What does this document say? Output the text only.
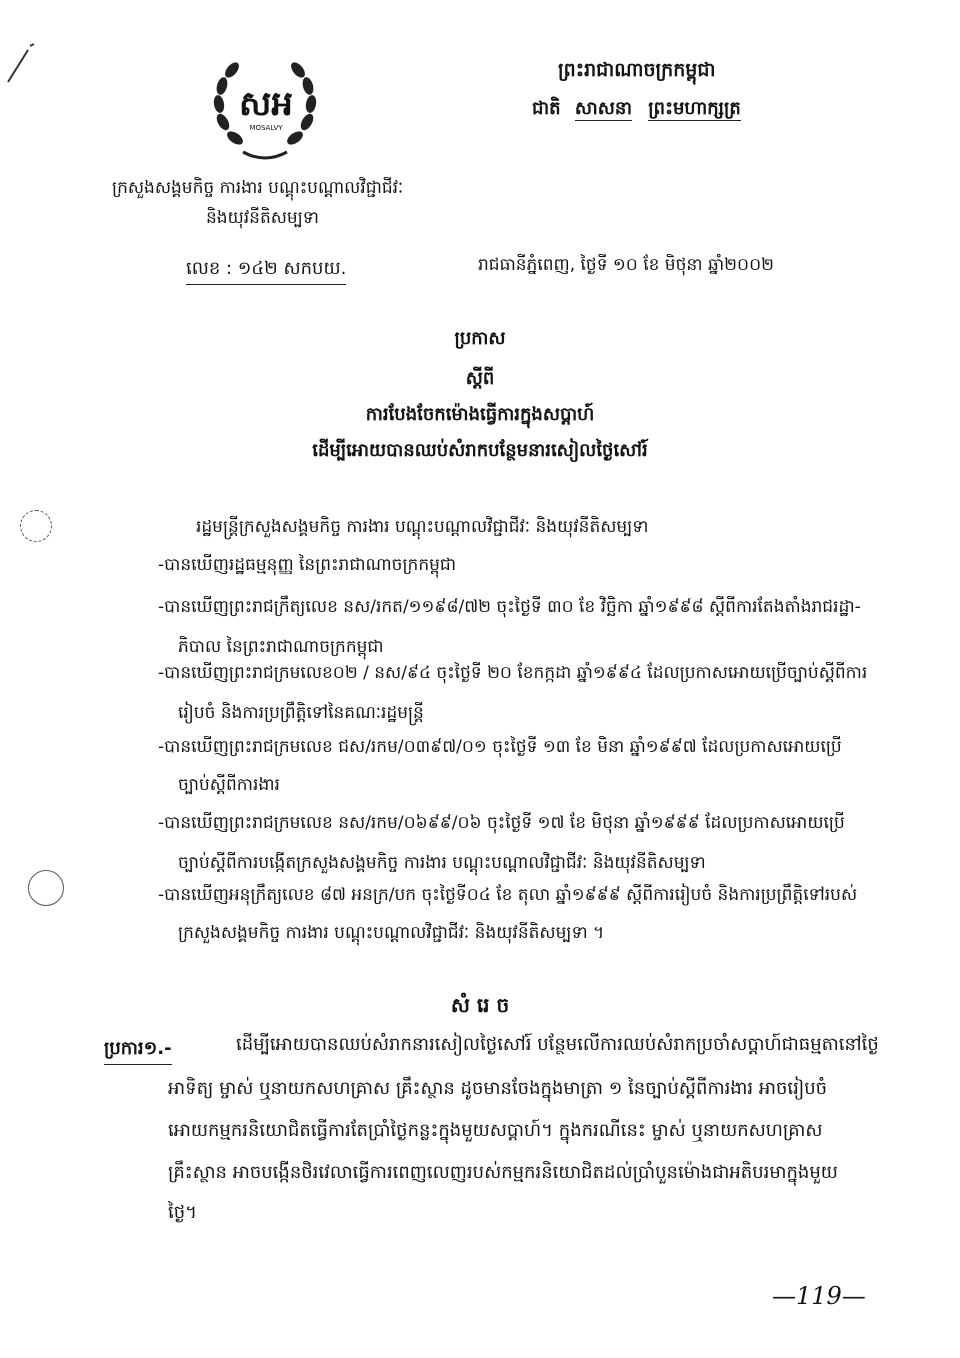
សអ
MOSALVY
ព្រះរាជាណាចក្រកម្ពុជា
ជាតិ សាសនា ព្រះមហាក្សត្រ
ក្រសួងសង្គមកិច្ច ការងារ បណ្តុះបណ្តាលវិជ្ជាជីវៈ
និងយុវនីតិសម្បទា
លេខ : ១៤២ សកបយ.	រាជធានីភ្នំពេញ, ថ្ងៃទី ១០ ខែ មិថុនា ឆ្នាំ២០០២
ប្រកាស
ស្តីពី
ការបែងចែកម៉ោងធ្វើការក្នុងសប្តាហ៍
ដើម្បីអោយបានឈប់សំរាកបន្ថែមនារសៀលថ្ងៃសៅរ៍
រដ្ឋមន្ត្រីក្រសួងសង្គមកិច្ច ការងារ បណ្តុះបណ្តាលវិជ្ជាជីវៈ និងយុវនីតិសម្បទា
-បានឃើញរដ្ឋធម្មនុញ្ញ នៃព្រះរាជាណាចក្រកម្ពុជា
-បានឃើញព្រះរាជក្រឹត្យលេខ នស/រកត/១១៩៨/៧២ ចុះថ្ងៃទី ៣០ ខែ វិច្ឆិកា ឆ្នាំ១៩៩៨ ស្តីពីការតែងតាំងរាជរដ្ឋា-
ភិបាល នៃព្រះរាជាណាចក្រកម្ពុជា
-បានឃើញព្រះរាជក្រមលេខ០២ / នស/៩៤ ចុះថ្ងៃទី ២០ ខែកក្កដា ឆ្នាំ១៩៩៤ ដែលប្រកាសអោយប្រើច្បាប់ស្តីពីការ
រៀបចំ និងការប្រព្រឹត្តិទៅនៃគណៈរដ្ឋមន្ត្រី
-បានឃើញព្រះរាជក្រមលេខ ជស/រកម/០៣៩៧/០១ ចុះថ្ងៃទី ១៣ ខែ មិនា ឆ្នាំ១៩៩៧ ដែលប្រកាសអោយប្រើ
ច្បាប់ស្តីពីការងារ
-បានឃើញព្រះរាជក្រមលេខ នស/រកម/០៦៩៩/០៦ ចុះថ្ងៃទី ១៧ ខែ មិថុនា ឆ្នាំ១៩៩៩ ដែលប្រកាសអោយប្រើ
ច្បាប់ស្តីពីការបង្កើតក្រសួងសង្គមកិច្ច ការងារ បណ្តុះបណ្តាលវិជ្ជាជីវៈ និងយុវនីតិសម្បទា
-បានឃើញអនុក្រឹត្យលេខ ៨៧ អនក្រ/បក ចុះថ្ងៃទី០៤ ខែ តុលា ឆ្នាំ១៩៩៩ ស្តីពីការរៀបចំ និងការប្រព្រឹត្តិទៅរបស់
ក្រសួងសង្គមកិច្ច ការងារ បណ្តុះបណ្តាលវិជ្ជាជីវៈ និងយុវនីតិសម្បទា ។
សំ រេ ច
ប្រការ១.-	ដើម្បីអោយបានឈប់សំរាកនារសៀលថ្ងៃសៅរ៍ បន្ថែមលើការឈប់សំរាកប្រចាំសប្តាហ៍ជាធម្មតានៅថ្ងៃ
អាទិត្យ ម្ចាស់ ឬនាយកសហគ្រាស គ្រឹះស្ថាន ដូចមានចែងក្នុងមាត្រា ១ នៃច្បាប់ស្តីពីការងារ អាចរៀបចំ
អោយកម្មករនិយោជិតធ្វើការតែប្រាំថ្ងៃកន្លះក្នុងមួយសប្តាហ៍។ ក្នុងករណីនេះ ម្ចាស់ ឬនាយកសហគ្រាស
គ្រឹះស្ថាន អាចបង្កើនថិរវេលាធ្វើការពេញលេញរបស់កម្មករនិយោជិតដល់ប្រាំបួនម៉ោងជាអតិបរមាក្នុងមួយ
ថ្ងៃ។
—119—
